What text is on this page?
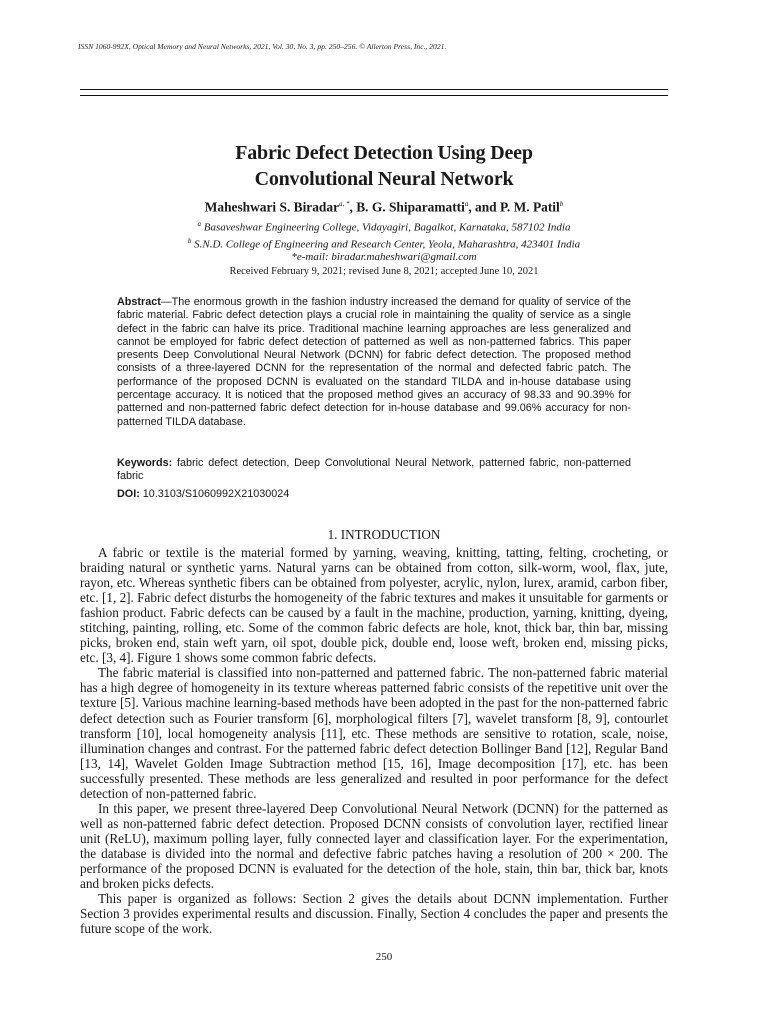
ISSN 1060-992X, Optical Memory and Neural Networks, 2021, Vol. 30, No. 3, pp. 250–256. © Allerton Press, Inc., 2021.
Fabric Defect Detection Using Deep
Convolutional Neural Network
Maheshwari S. Biradar$^{a, *}$, B. G. Shiparamatti$^a$, and P. M. Patil$^b$
$^a$ Basaveshwar Engineering College, Vidayagiri, Bagalkot, Karnataka, 587102 India
$^b$ S.N.D. College of Engineering and Research Center, Yeola, Maharashtra, 423401 India
*e-mail: biradar.maheshwari@gmail.com
Received February 9, 2021; revised June 8, 2021; accepted June 10, 2021
Abstract—The enormous growth in the fashion industry increased the demand for quality of service of the fabric material. Fabric defect detection plays a crucial role in maintaining the quality of service as a single defect in the fabric can halve its price. Traditional machine learning approaches are less generalized and cannot be employed for fabric defect detection of patterned as well as non-patterned fabrics. This paper presents Deep Convolutional Neural Network (DCNN) for fabric defect detection. The proposed method consists of a three-layered DCNN for the representation of the normal and defected fabric patch. The performance of the proposed DCNN is evaluated on the standard TILDA and in-house database using percentage accuracy. It is noticed that the proposed method gives an accuracy of 98.33 and 90.39% for patterned and non-patterned fabric defect detection for in-house database and 99.06% accuracy for non-patterned TILDA database.
Keywords: fabric defect detection, Deep Convolutional Neural Network, patterned fabric, non-patterned fabric
DOI: 10.3103/S1060992X21030024
1. INTRODUCTION

A fabric or textile is the material formed by yarning, weaving, knitting, tatting, felting, crocheting, or braiding natural or synthetic yarns. Natural yarns can be obtained from cotton, silk-worm, wool, flax, jute, rayon, etc. Whereas synthetic fibers can be obtained from polyester, acrylic, nylon, lurex, aramid, carbon fiber, etc. [1, 2]. Fabric defect disturbs the homogeneity of the fabric textures and makes it unsuitable for garments or fashion product. Fabric defects can be caused by a fault in the machine, production, yarning, knitting, dyeing, stitching, painting, rolling, etc. Some of the common fabric defects are hole, knot, thick bar, thin bar, missing picks, broken end, stain weft yarn, oil spot, double pick, double end, loose weft, broken end, missing picks, etc. [3, 4]. Figure 1 shows some common fabric defects.

The fabric material is classified into non-patterned and patterned fabric. The non-patterned fabric material has a high degree of homogeneity in its texture whereas patterned fabric consists of the repetitive unit over the texture [5]. Various machine learning-based methods have been adopted in the past for the non-patterned fabric defect detection such as Fourier transform [6], morphological filters [7], wavelet transform [8, 9], contourlet transform [10], local homogeneity analysis [11], etc. These methods are sensitive to rotation, scale, noise, illumination changes and contrast. For the patterned fabric defect detection Bollinger Band [12], Regular Band [13, 14], Wavelet Golden Image Subtraction method [15, 16], Image decomposition [17], etc. has been successfully presented. These methods are less generalized and resulted in poor performance for the defect detection of non-patterned fabric.

In this paper, we present three-layered Deep Convolutional Neural Network (DCNN) for the patterned as well as non-patterned fabric defect detection. Proposed DCNN consists of convolution layer, rectified linear unit (ReLU), maximum polling layer, fully connected layer and classification layer. For the experimentation, the database is divided into the normal and defective fabric patches having a resolution of 200 × 200. The performance of the proposed DCNN is evaluated for the detection of the hole, stain, thin bar, thick bar, knots and broken picks defects.

This paper is organized as follows: Section 2 gives the details about DCNN implementation. Further Section 3 provides experimental results and discussion. Finally, Section 4 concludes the paper and presents the future scope of the work.

250
